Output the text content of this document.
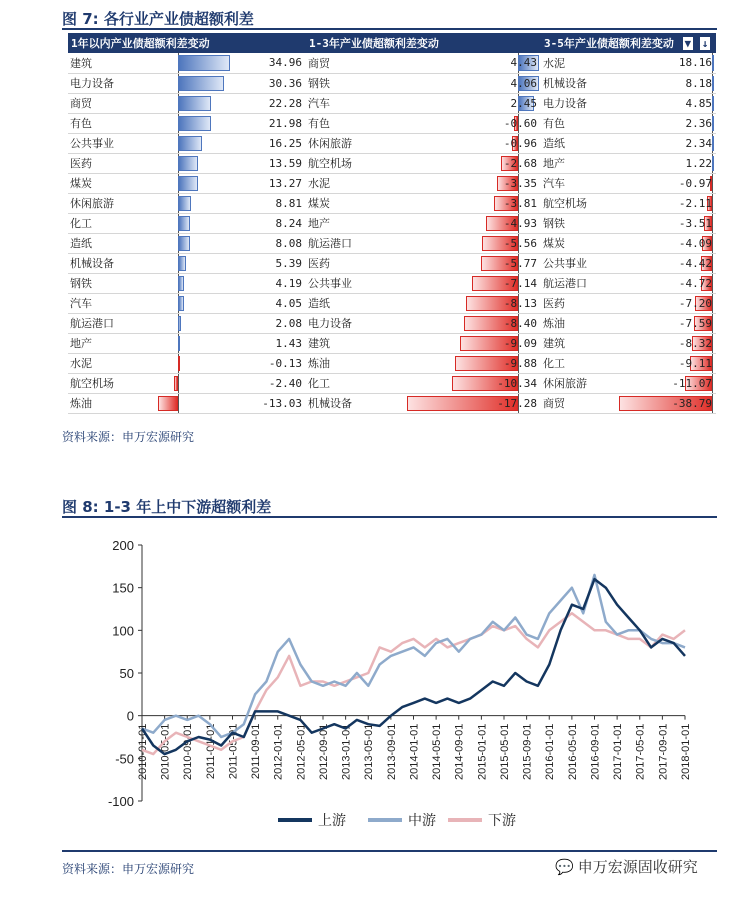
图 7: 各行业产业债超额利差
1年以内产业债超额利差变动		1-3年产业债超额利差变动		3-5年产业债超额利差变动 ▼ ↓	
建筑	34.96	商贸	4.43	水泥	18.16
电力设备	30.36	钢铁	4.06	机械设备	8.18
商贸	22.28	汽车	2.45	电力设备	4.85
有色	21.98	有色	-0.60	有色	2.36
公共事业	16.25	休闲旅游	-0.96	造纸	2.34
医药	13.59	航空机场	-2.68	地产	1.22
煤炭	13.27	水泥	-3.35	汽车	-0.97
休闲旅游	8.81	煤炭	-3.81	航空机场	-2.11
化工	8.24	地产	-4.93	钢铁	-3.51
造纸	8.08	航运港口	-5.56	煤炭	-4.09
机械设备	5.39	医药	-5.77	公共事业	-4.42
钢铁	4.19	公共事业	-7.14	航运港口	-4.72
汽车	4.05	造纸	-8.13	医药	-7.20
航运港口	2.08	电力设备	-8.40	炼油	-7.59
地产	1.43	建筑	-9.09	建筑	-8.32
水泥	-0.13	炼油	-9.88	化工	-9.11
航空机场	-2.40	化工	-10.34	休闲旅游	-11.07
炼油	-13.03	机械设备	-17.28	商贸	-38.79
资料来源：申万宏源研究
图 8: 1-3 年上中下游超额利差
-100
-50
0
50
100
150
200
2010-01-01 2010-05-01 2010-09-01 2011-01-01 2011-05-01 2011-09-01 2012-01-01 2012-05-01 2012-09-01 2013-01-01 2013-05-01 2013-09-01 2014-01-01 2014-05-01 2014-09-01 2015-01-01 2015-05-01 2015-09-01 2016-01-01 2016-05-01 2016-09-01 2017-01-01 2017-05-01 2017-09-01 2018-01-01
上游	中游	下游
资料来源：申万宏源研究	💬 申万宏源固收研究
